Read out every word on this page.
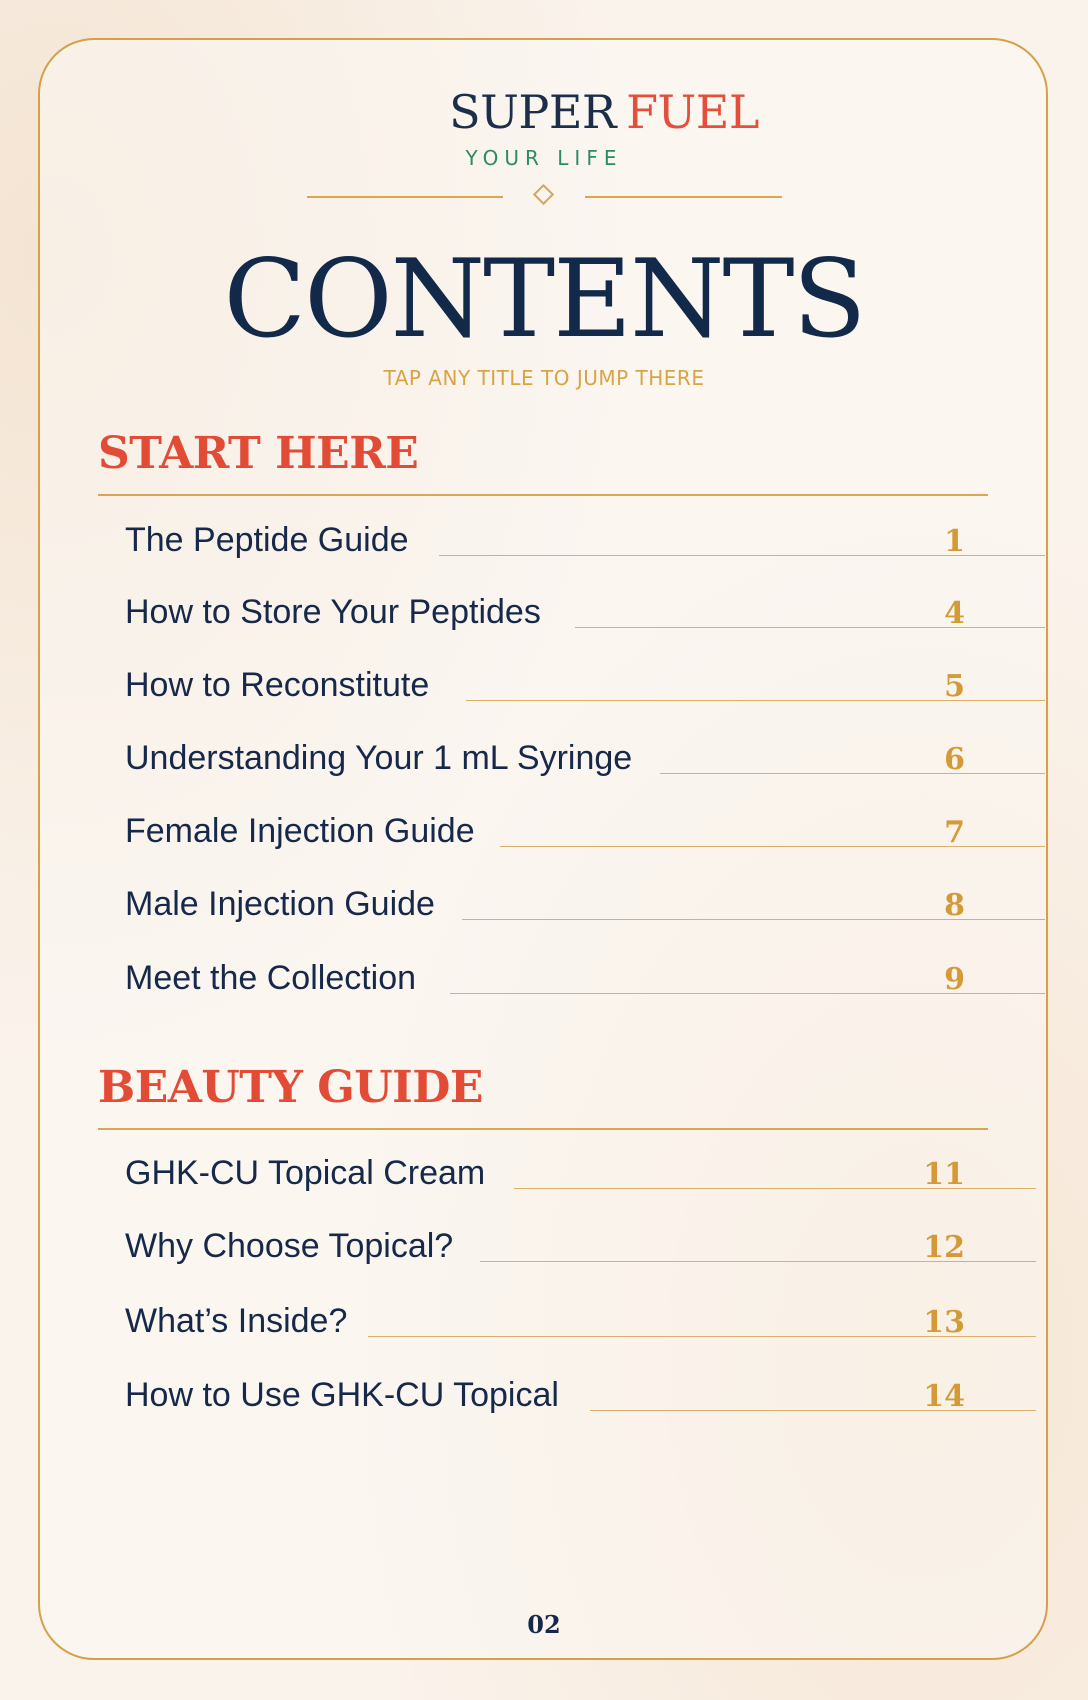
SUPER FUEL
YOUR LIFE
CONTENTS
TAP ANY TITLE TO JUMP THERE
START HERE
The Peptide Guide	1
How to Store Your Peptides	4
How to Reconstitute	5
Understanding Your 1 mL Syringe	6
Female Injection Guide	7
Male Injection Guide	8
Meet the Collection	9
BEAUTY GUIDE
GHK-CU Topical Cream	11
Why Choose Topical?	12
What’s Inside?	13
How to Use GHK-CU Topical	14
02
